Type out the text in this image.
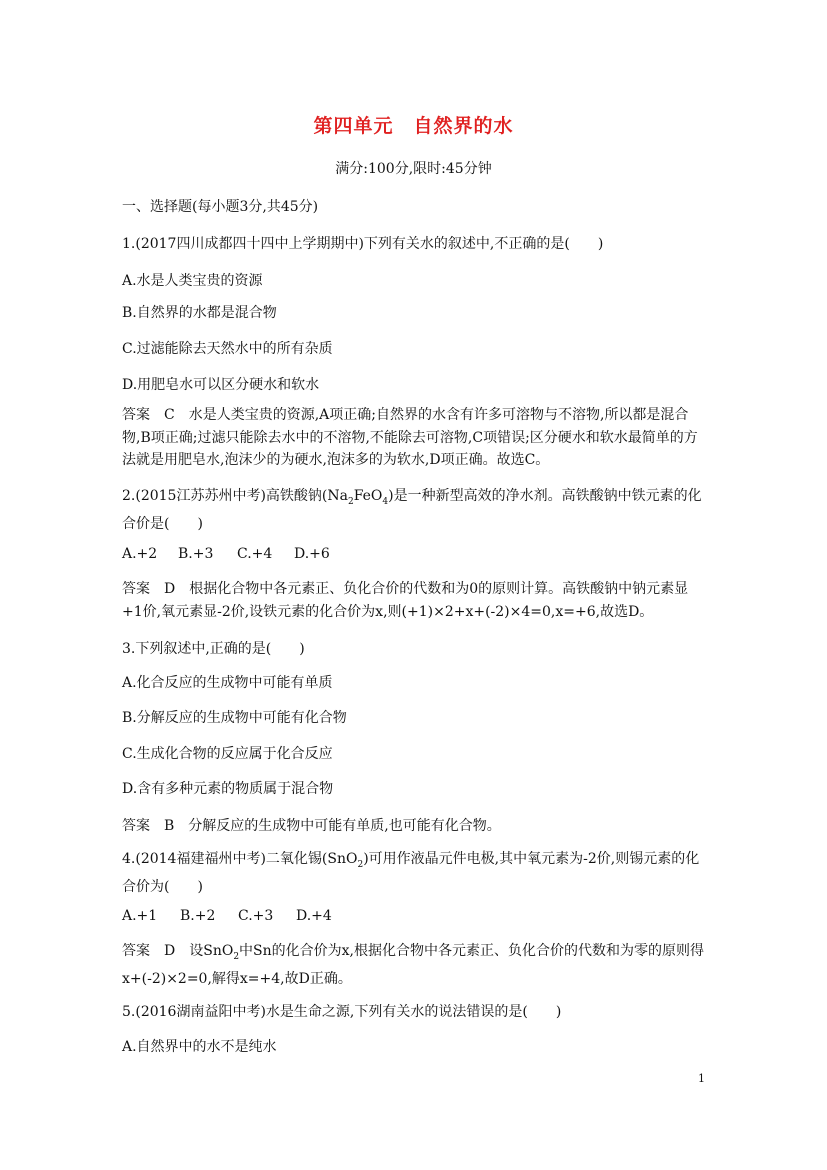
第四单元　自然界的水
满分:100分,限时:45分钟
一、选择题(每小题3分,共45分)
1.(2017四川成都四十四中上学期期中)下列有关水的叙述中,不正确的是(　　)
A.水是人类宝贵的资源
B.自然界的水都是混合物
C.过滤能除去天然水中的所有杂质
D.用肥皂水可以区分硬水和软水
答案　C　水是人类宝贵的资源,A项正确;自然界的水含有许多可溶物与不溶物,所以都是混合物,B项正确;过滤只能除去水中的不溶物,不能除去可溶物,C项错误;区分硬水和软水最简单的方法就是用肥皂水,泡沫少的为硬水,泡沫多的为软水,D项正确。故选C。
2.(2015江苏苏州中考)高铁酸钠$(Na_2FeO_4)$是一种新型高效的净水剂。高铁酸钠中铁元素的化合价是(　　)
A.+2 B.+3 C.+4 D.+6
答案　D　根据化合物中各元素正、负化合价的代数和为0的原则计算。高铁酸钠中钠元素显+1价,氧元素显-2价,设铁元素的化合价为x,则(+1)×2+x+(-2)×4=0,x=+6,故选D。
3.下列叙述中,正确的是(　　)
A.化合反应的生成物中可能有单质
B.分解反应的生成物中可能有化合物
C.生成化合物的反应属于化合反应
D.含有多种元素的物质属于混合物
答案　B　分解反应的生成物中可能有单质,也可能有化合物。
4.(2014福建福州中考)二氧化锡(SnO$_2$)可用作液晶元件电极,其中氧元素为-2价,则锡元素的化合价为(　　)
A.+1 B.+2 C.+3 D.+4
答案　D　设SnO$_2$中Sn的化合价为x,根据化合物中各元素正、负化合价的代数和为零的原则得x+(-2)×2=0,解得x=+4,故D正确。
5.(2016湖南益阳中考)水是生命之源,下列有关水的说法错误的是(　　)
A.自然界中的水不是纯水
1
